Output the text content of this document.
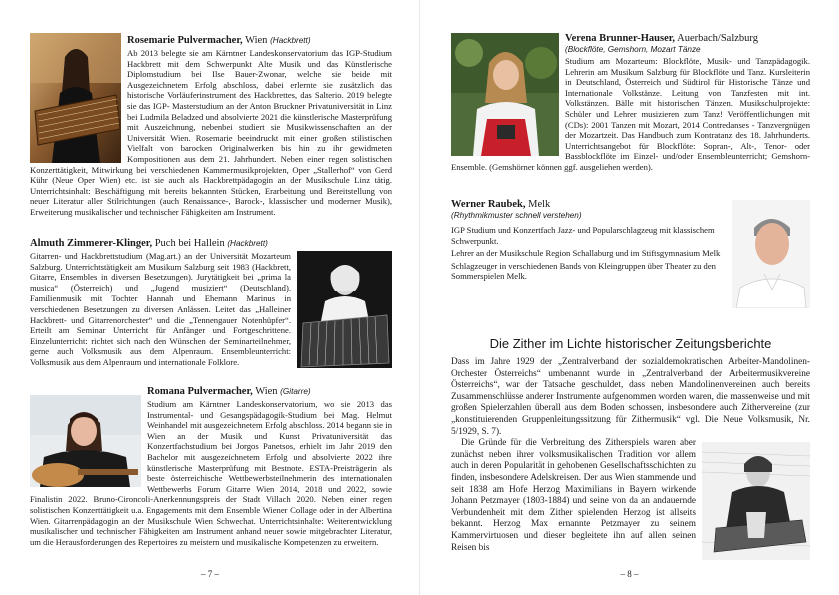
Rosemarie Pulvermacher, Wien (Hackbrett)

Ab 2013 belegte sie am Kärntner Landeskonservatorium das IGP-Studium Hackbrett mit dem Schwerpunkt Alte Musik und das Künstlerische Diplomstudium bei Ilse Bauer-Zwonar, welche sie beide mit Ausgezeichnetem Erfolg abschloss, dabei erlernte sie zusätzlich das historische Vorläuferinstrument des Hackbrettes, das Salterio. 2019 belegte sie das IGP- Masterstudium an der Anton Bruckner Privatuniversität in Linz bei Ludmila Beladzed und absolvierte 2021 die künstlerische Masterprüfung mit Auszeichnung, nebenbei studiert sie Musikwissenschaften an der Universität Wien. Rosemarie beeindruckt mit einer großen stilistischen Vielfalt von barocken Originalwerken bis hin zu ihr gewidmeten Kompositionen aus dem 21. Jahrhundert. Neben einer regen solistischen Konzerttätigkeit, Mitwirkung bei verschiedenen Kammermusikprojekten, Oper „Stallerhof“ von Gerd Kühr (Neue Oper Wien) etc. ist sie auch als Hackbrettpädagogin an der Musikschule Linz tätig. Unterrichtsinhalt: Beschäftigung mit bereits bekannten Stücken, Erarbeitung und Bereitstellung von neuer Literatur aller Stilrichtungen (auch Renaissance-, Barock-, klassischer und moderner Musik), Erweiterung musikalischer und technischer Fähigkeiten am Instrument.

Almuth Zimmerer-Klinger, Puch bei Hallein (Hackbrett)

Gitarren- und Hackbrettstudium (Mag.art.) an der Universität Mozarteum Salzburg. Unterrichtstätigkeit am Musikum Salzburg seit 1983 (Hackbrett, Gitarre, Ensembles in diversen Besetzungen). Jurytätigkeit bei „prima la musica“ (Österreich) und „Jugend musiziert“ (Deutschland). Familienmusik mit Tochter Hannah und Ehemann Marinus in verschiedenen Besetzungen zu diversen Anlässen. Leitet das „Halleiner Hackbrett- und Gitarrenorchester“ und die „Tennengauer Notenhüpfer“. Erteilt am Seminar Unterricht für Anfänger und Fortgeschrittene. Einzelunterricht: richtet sich nach den Wünschen der Seminarteilnehmer, gerne auch Volksmusik aus dem Alpenraum. Ensembleunterricht: Volksmusik aus dem Alpenraum und internationale Folklore.

Romana Pulvermacher, Wien (Gitarre)

Studium am Kärntner Landeskonservatorium, wo sie 2013 das Instrumental- und Gesangspädagogik-Studium bei Mag. Helmut Weinhandel mit ausgezeichnetem Erfolg abschloss. 2014 begann sie in Wien an der Musik und Kunst Privatuniversität das Konzertfachstudium bei Jorgos Panetsos, erhielt im Jahr 2019 den Bachelor mit ausgezeichnetem Erfolg und absolvierte 2022 ihre künstlerische Masterprüfung mit Bestnote. ESTA-Preisträgerin als beste österreichische Wettbewerbsteilnehmerin des internationalen Wettbewerbs Forum Gitarre Wien 2014, 2018 und 2022, sowie Finalistin 2022. Bruno-Cironcoli-Anerkennungspreis der Stadt Villach 2020. Neben einer regen solistischen Konzerttätigkeit u.a. Engagements mit dem Ensemble Wiener Collage oder in der Albertina Wien. Gitarrenpädagogin an der Musikschule Wien Schwechat. Unterrichtsinhalte: Weiterentwicklung musikalischer und technischer Fähigkeiten am Instrument anhand neuer sowie mitgebrachter Literatur, um die Herausforderungen des Repertoires zu meistern und musikalische Kompetenzen zu erweitern.

– 7 –
Verena Brunner-Hauser, Auerbach/Salzburg
(Blockflöte, Gemshorn, Mozart Tänze

Studium am Mozarteum: Blockflöte, Musik- und Tanzpädagogik. Lehrerin am Musikum Salzburg für Blockflöte und Tanz. Kursleiterin in Deutschland, Österreich und Südtirol für Historische Tänze und Internationale Volkstänze. Leitung von Tanzfesten mit int. Volkstänzen. Bälle mit historischen Tänzen. Musikschulprojekte: Schüler und Lehrer musizieren zum Tanz! Veröffentlichungen mit (CDs): 2001 Tanzen mit Mozart, 2014 Contredanses - Tanzvergnügen der Mozartzeit. Das Handbuch zum Kontratanz des 18. Jahrhunderts. Unterrichtsangebot für Blockflöte: Sopran-, Alt-, Tenor- oder Bassblockflöte im Einzel- und/oder Ensembleunterricht; Gemshorn-Ensemble. (Gemshörner können ggf. ausgeliehen werden).

Werner Raubek, Melk
(Rhythmikmuster schnell verstehen)

IGP Studium und Konzertfach Jazz- und Popularschlagzeug mit klassischem Schwerpunkt.

Lehrer an der Musikschule Region Schallaburg und im Stiftsgymnasium Melk

Schlagzeuger in verschiedenen Bands von Kleingruppen über Theater zu den Sommerspielen Melk.

Die Zither im Lichte historischer Zeitungsberichte

Dass im Jahre 1929 der „Zentralverband der sozialdemokratischen Arbeiter-Mandolinen-Orchester Österreichs“ umbenannt wurde in „Zentralverband der Arbeitermusikvereine Österreichs“, war der Tatsache geschuldet, dass neben Mandolinenvereinen auch bereits Zusammenschlüsse anderer Instrumente aufgenommen worden waren, die massenweise und mit großen Spielerzahlen überall aus dem Boden schossen, insbesondere auch Zithervereine (zur „konstituierenden Gruppenleitungssitzung für Zithermusik“ vgl. Die Neue Volksmusik, Nr. 5/1929, S. 7).

Die Gründe für die Verbreitung des Zitherspiels waren aber zunächst neben ihrer volksmusikalischen Tradition vor allem auch in deren Popularität in gehobenen Gesellschaftsschichten zu finden, insbesondere Adelskreisen. Der aus Wien stammende und seit 1838 am Hofe Herzog Maximilians in Bayern wirkende Johann Petzmayer (1803-1884) und seine von da an andauernde Verbundenheit mit dem Zither spielenden Herzog ist allseits bekannt. Herzog Max ernannte Petzmayer zu seinem Kammervirtuosen und dieser begleitete ihn auf allen seinen Reisen bis

– 8 –
